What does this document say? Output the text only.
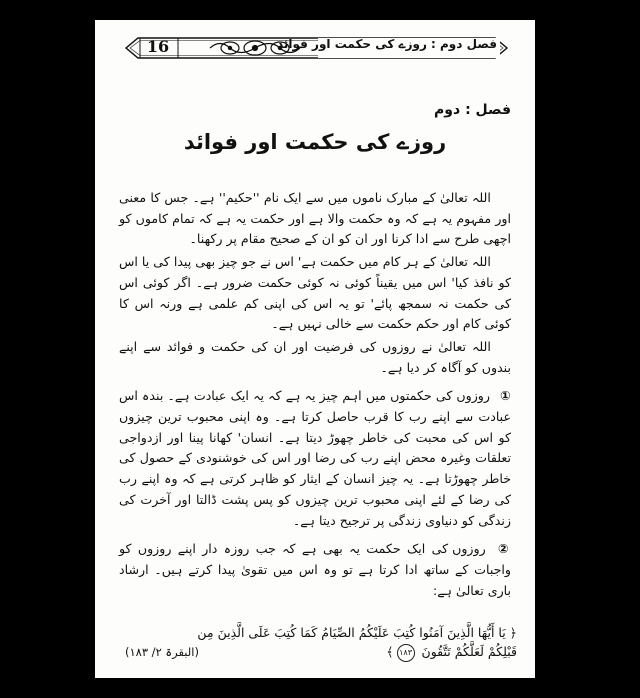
16	فصل دوم : روزے کی حکمت اور فوائد
فصل : دوم
روزے کی حکمت اور فوائد

اللہ تعالیٰ کے مبارک ناموں میں سے ایک نام ''حکیم'' ہے۔ جس کا معنی اور مفہوم یہ ہے کہ وہ حکمت والا ہے اور حکمت یہ ہے کہ تمام کاموں کو اچھی طرح سے ادا کرنا اور ان کو ان کے صحیح مقام پر رکھنا۔

اللہ تعالیٰ کے ہر کام میں حکمت ہے' اس نے جو چیز بھی پیدا کی یا اس کو نافذ کیا' اس میں یقیناً کوئی نہ کوئی حکمت ضرور ہے۔ اگر کوئی اس کی حکمت نہ سمجھ پائے' تو یہ اس کی اپنی کم علمی ہے ورنہ اس کا کوئی کام اور حکم حکمت سے خالی نہیں ہے۔

اللہ تعالیٰ نے روزوں کی فرضیت اور ان کی حکمت و فوائد سے اپنے بندوں کو آگاہ کر دیا ہے۔

① روزوں کی حکمتوں میں اہم چیز یہ ہے کہ یہ ایک عبادت ہے۔ بندہ اس عبادت سے اپنے رب کا قرب حاصل کرتا ہے۔ وہ اپنی محبوب ترین چیزوں کو اس کی محبت کی خاطر چھوڑ دیتا ہے۔ انسان' کھانا پینا اور ازدواجی تعلقات وغیرہ محض اپنے رب کی رضا اور اس کی خوشنودی کے حصول کی خاطر چھوڑتا ہے۔ یہ چیز انسان کے ایثار کو ظاہر کرتی ہے کہ وہ اپنے رب کی رضا کے لئے اپنی محبوب ترین چیزوں کو پس پشت ڈالتا اور آخرت کی زندگی کو دنیاوی زندگی پر ترجیح دیتا ہے۔

② روزوں کی ایک حکمت یہ بھی ہے کہ جب روزہ دار اپنے روزوں کو واجبات کے ساتھ ادا کرتا ہے تو وہ اس میں تقویٰ پیدا کرتے ہیں۔ ارشاد باری تعالیٰ ہے:

﴿ يَا أَيُّهَا الَّذِينَ آمَنُوا كُتِبَ عَلَيْكُمُ الصِّيَامُ كَمَا كُتِبَ عَلَى الَّذِينَ مِن
قَبْلِكُمْ لَعَلَّكُمْ تَتَّقُونَ ١٨٣﴾
(البقرۃ ۲/ ۱۸۳)
